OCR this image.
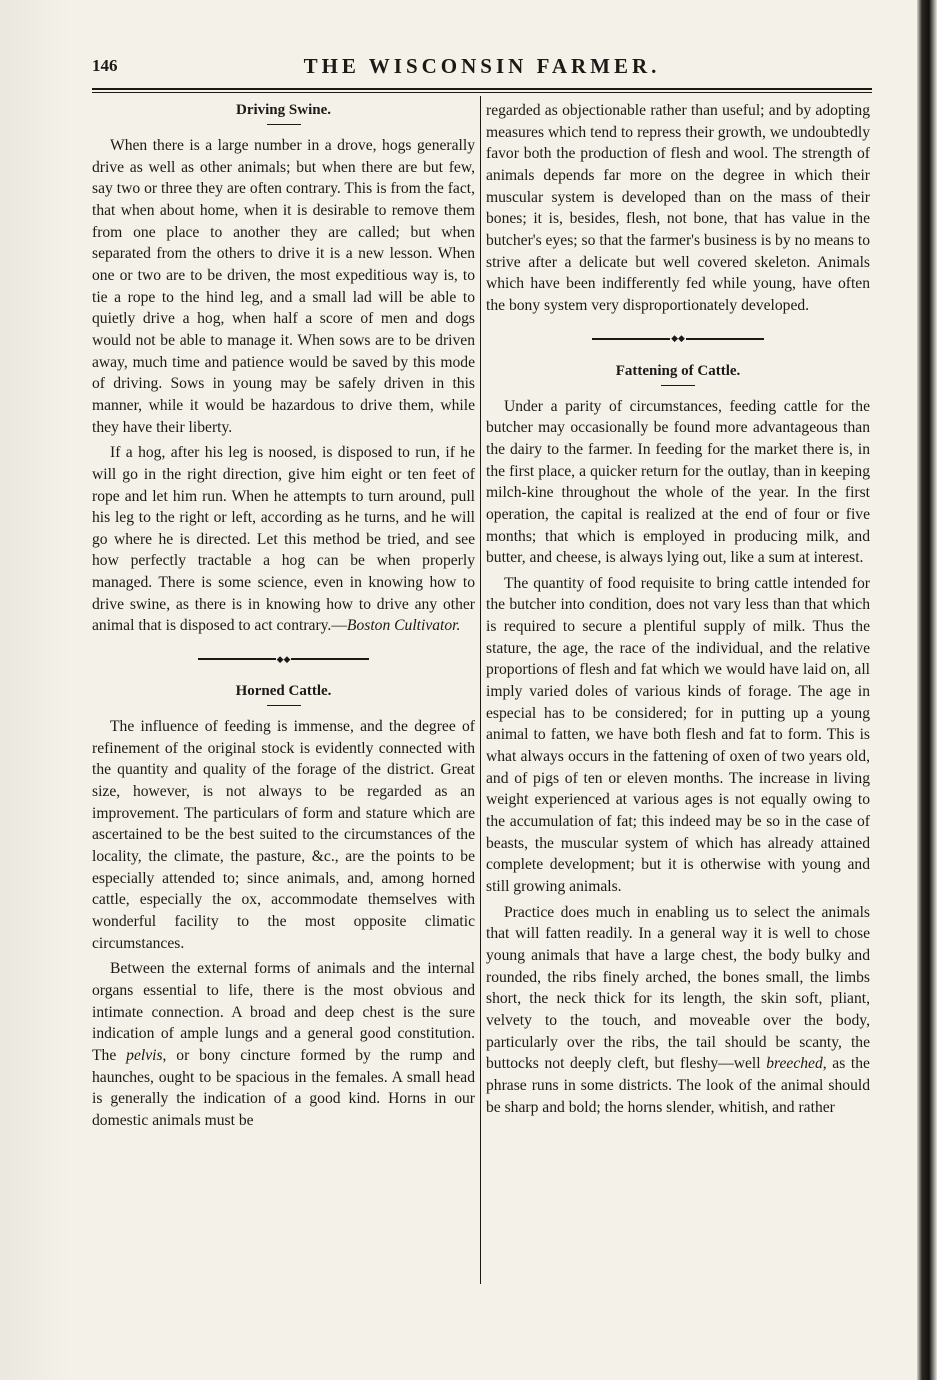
146	THE WISCONSIN FARMER.
Driving Swine.

When there is a large number in a drove, hogs generally drive as well as other animals; but when there are but few, say two or three they are often contrary. This is from the fact, that when about home, when it is desirable to remove them from one place to another they are called; but when separated from the others to drive it is a new lesson. When one or two are to be driven, the most expeditious way is, to tie a rope to the hind leg, and a small lad will be able to quietly drive a hog, when half a score of men and dogs would not be able to manage it. When sows are to be driven away, much time and patience would be saved by this mode of driving. Sows in young may be safely driven in this manner, while it would be hazardous to drive them, while they have their liberty.

If a hog, after his leg is noosed, is disposed to run, if he will go in the right direction, give him eight or ten feet of rope and let him run. When he attempts to turn around, pull his leg to the right or left, according as he turns, and he will go where he is directed. Let this method be tried, and see how perfectly tractable a hog can be when properly managed. There is some science, even in knowing how to drive swine, as there is in knowing how to drive any other animal that is disposed to act contrary.—Boston Cultivator.

◆◆
Horned Cattle.

The influence of feeding is immense, and the degree of refinement of the original stock is evidently connected with the quantity and quality of the forage of the district. Great size, however, is not always to be regarded as an improvement. The particulars of form and stature which are ascertained to be the best suited to the circumstances of the locality, the climate, the pasture, &c., are the points to be especially attended to; since animals, and, among horned cattle, especially the ox, accommodate themselves with wonderful facility to the most opposite climatic circumstances.

Between the external forms of animals and the internal organs essential to life, there is the most obvious and intimate connection. A broad and deep chest is the sure indication of ample lungs and a general good constitution. The pelvis, or bony cincture formed by the rump and haunches, ought to be spacious in the females. A small head is generally the indication of a good kind. Horns in our domestic animals must be

regarded as objectionable rather than useful; and by adopting measures which tend to repress their growth, we undoubtedly favor both the production of flesh and wool. The strength of animals depends far more on the degree in which their muscular system is developed than on the mass of their bones; it is, besides, flesh, not bone, that has value in the butcher's eyes; so that the farmer's business is by no means to strive after a delicate but well covered skeleton. Animals which have been indifferently fed while young, have often the bony system very disproportionately developed.

◆◆
Fattening of Cattle.

Under a parity of circumstances, feeding cattle for the butcher may occasionally be found more advantageous than the dairy to the farmer. In feeding for the market there is, in the first place, a quicker return for the outlay, than in keeping milch-kine throughout the whole of the year. In the first operation, the capital is realized at the end of four or five months; that which is employed in producing milk, and butter, and cheese, is always lying out, like a sum at interest.

The quantity of food requisite to bring cattle intended for the butcher into condition, does not vary less than that which is required to secure a plentiful supply of milk. Thus the stature, the age, the race of the individual, and the relative proportions of flesh and fat which we would have laid on, all imply varied doles of various kinds of forage. The age in especial has to be considered; for in putting up a young animal to fatten, we have both flesh and fat to form. This is what always occurs in the fattening of oxen of two years old, and of pigs of ten or eleven months. The increase in living weight experienced at various ages is not equally owing to the accumulation of fat; this indeed may be so in the case of beasts, the muscular system of which has already attained complete development; but it is otherwise with young and still growing animals.

Practice does much in enabling us to select the animals that will fatten readily. In a general way it is well to chose young animals that have a large chest, the body bulky and rounded, the ribs finely arched, the bones small, the limbs short, the neck thick for its length, the skin soft, pliant, velvety to the touch, and moveable over the body, particularly over the ribs, the tail should be scanty, the buttocks not deeply cleft, but fleshy—well breeched, as the phrase runs in some districts. The look of the animal should be sharp and bold; the horns slender, whitish, and rather
